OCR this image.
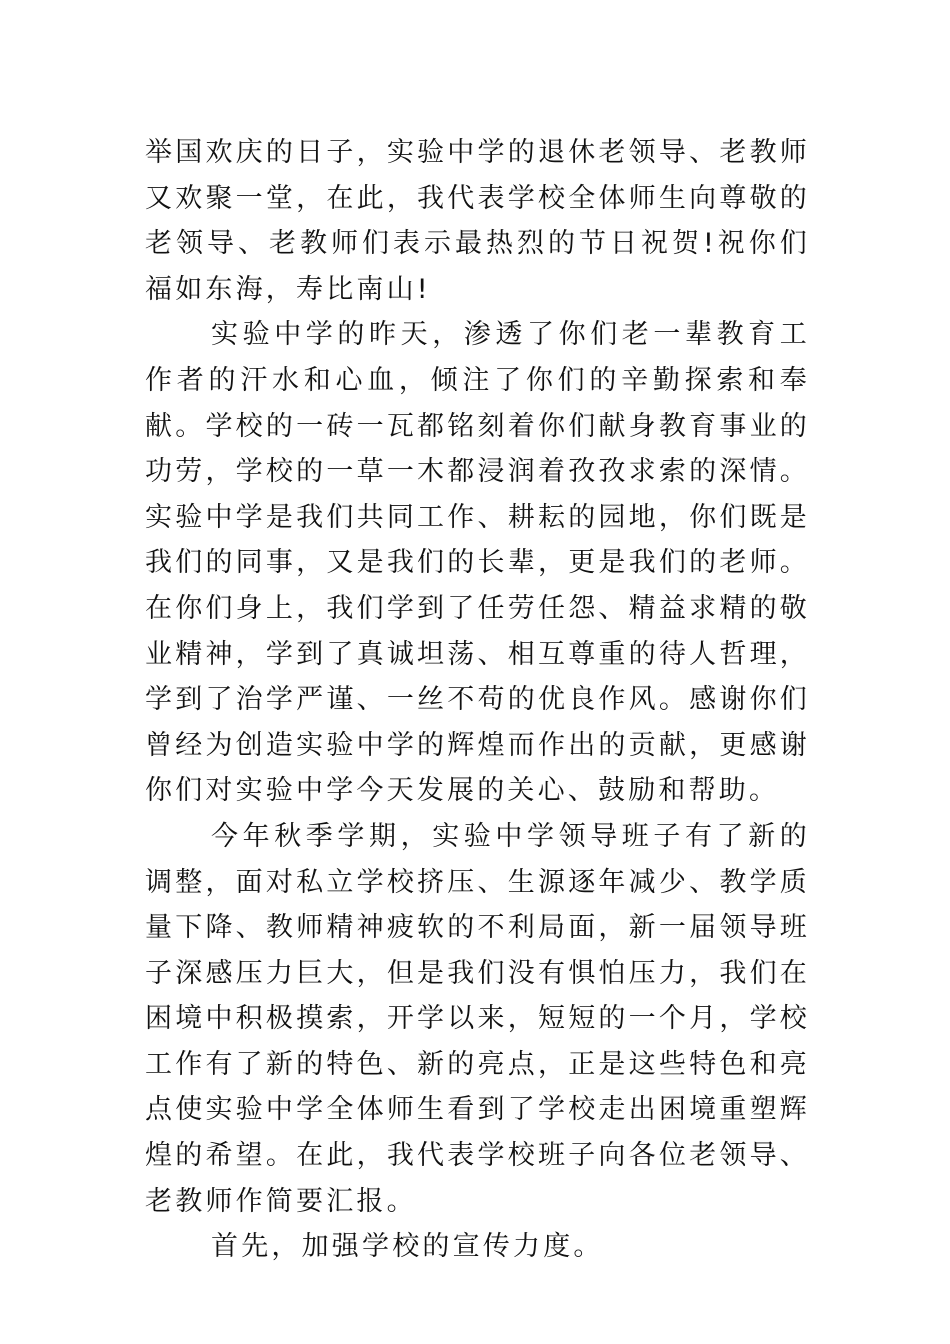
举国欢庆的日子，实验中学的退休老领导、老教师又欢聚一堂，在此，我代表学校全体师生向尊敬的老领导、老教师们表示最热烈的节日祝贺!祝你们福如东海，寿比南山!

实验中学的昨天，渗透了你们老一辈教育工作者的汗水和心血，倾注了你们的辛勤探索和奉献。学校的一砖一瓦都铭刻着你们献身教育事业的功劳，学校的一草一木都浸润着孜孜求索的深情。实验中学是我们共同工作、耕耘的园地，你们既是我们的同事，又是我们的长辈，更是我们的老师。在你们身上，我们学到了任劳任怨、精益求精的敬业精神，学到了真诚坦荡、相互尊重的待人哲理，学到了治学严谨、一丝不苟的优良作风。感谢你们曾经为创造实验中学的辉煌而作出的贡献，更感谢你们对实验中学今天发展的关心、鼓励和帮助。

今年秋季学期，实验中学领导班子有了新的调整，面对私立学校挤压、生源逐年减少、教学质量下降、教师精神疲软的不利局面，新一届领导班子深感压力巨大，但是我们没有惧怕压力，我们在困境中积极摸索，开学以来，短短的一个月，学校工作有了新的特色、新的亮点，正是这些特色和亮点使实验中学全体师生看到了学校走出困境重塑辉煌的希望。在此，我代表学校班子向各位老领导、老教师作简要汇报。

首先，加强学校的宣传力度。
